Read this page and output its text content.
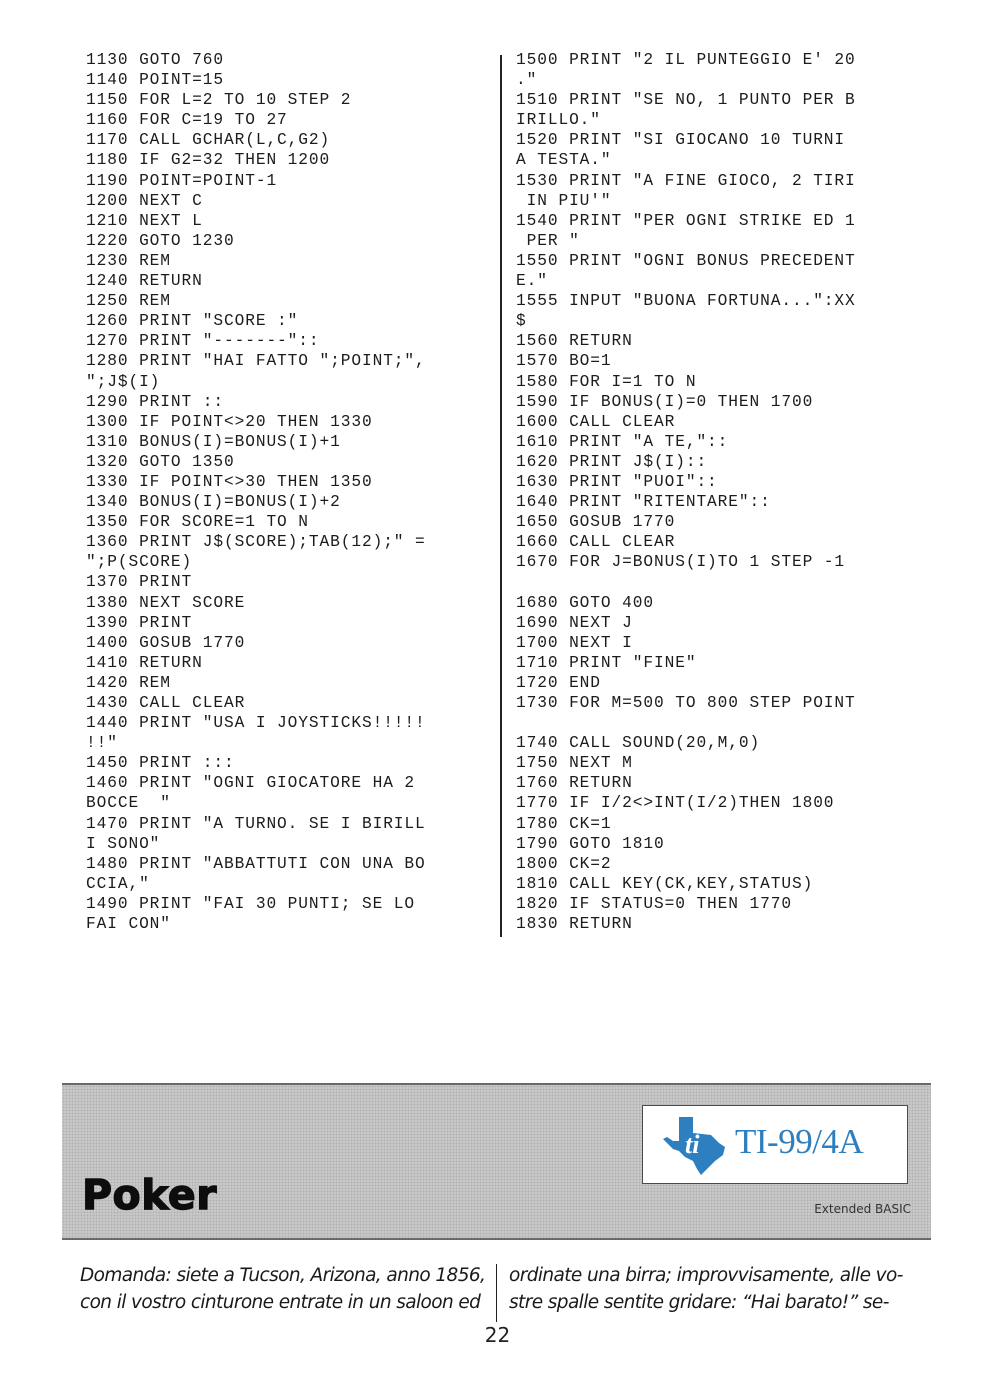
1130 GOTO 760
1140 POINT=15
1150 FOR L=2 TO 10 STEP 2
1160 FOR C=19 TO 27
1170 CALL GCHAR(L,C,G2)
1180 IF G2=32 THEN 1200
1190 POINT=POINT-1
1200 NEXT C
1210 NEXT L
1220 GOTO 1230
1230 REM
1240 RETURN
1250 REM
1260 PRINT "SCORE :"
1270 PRINT "-------"::
1280 PRINT "HAI FATTO ";POINT;",
";J$(I)
1290 PRINT ::
1300 IF POINT<>20 THEN 1330
1310 BONUS(I)=BONUS(I)+1
1320 GOTO 1350
1330 IF POINT<>30 THEN 1350
1340 BONUS(I)=BONUS(I)+2
1350 FOR SCORE=1 TO N
1360 PRINT J$(SCORE);TAB(12);" =
";P(SCORE)
1370 PRINT
1380 NEXT SCORE
1390 PRINT
1400 GOSUB 1770
1410 RETURN
1420 REM
1430 CALL CLEAR
1440 PRINT "USA I JOYSTICKS!!!!!
!!"
1450 PRINT :::
1460 PRINT "OGNI GIOCATORE HA 2
BOCCE  "
1470 PRINT "A TURNO. SE I BIRILL
I SONO"
1480 PRINT "ABBATTUTI CON UNA BO
CCIA,"
1490 PRINT "FAI 30 PUNTI; SE LO
FAI CON"
1500 PRINT "2 IL PUNTEGGIO E' 20
."
1510 PRINT "SE NO, 1 PUNTO PER B
IRILLO."
1520 PRINT "SI GIOCANO 10 TURNI
A TESTA."
1530 PRINT "A FINE GIOCO, 2 TIRI
IN PIU'"
1540 PRINT "PER OGNI STRIKE ED 1
PER "
1550 PRINT "OGNI BONUS PRECEDENT
E."
1555 INPUT "BUONA FORTUNA...":XX
$
1560 RETURN
1570 BO=1
1580 FOR I=1 TO N
1590 IF BONUS(I)=0 THEN 1700
1600 CALL CLEAR
1610 PRINT "A TE,"::
1620 PRINT J$(I)::
1630 PRINT "PUOI"::
1640 PRINT "RITENTARE"::
1650 GOSUB 1770
1660 CALL CLEAR
1670 FOR J=BONUS(I)TO 1 STEP -1
1680 GOTO 400
1690 NEXT J
1700 NEXT I
1710 PRINT "FINE"
1720 END
1730 FOR M=500 TO 800 STEP POINT
1740 CALL SOUND(20,M,0)
1750 NEXT M
1760 RETURN
1770 IF I/2<>INT(I/2)THEN 1800
1780 CK=1
1790 GOTO 1810
1800 CK=2
1810 CALL KEY(CK,KEY,STATUS)
1820 IF STATUS=0 THEN 1770
1830 RETURN
Poker
ti TI-99/4A
Extended BASIC
Domanda: siete a Tucson, Arizona, anno 1856,
con il vostro cinturone entrate in un saloon ed
ordinate una birra; improvvisamente, alle vo-
stre spalle sentite gridare: “Hai barato!” se-
22
